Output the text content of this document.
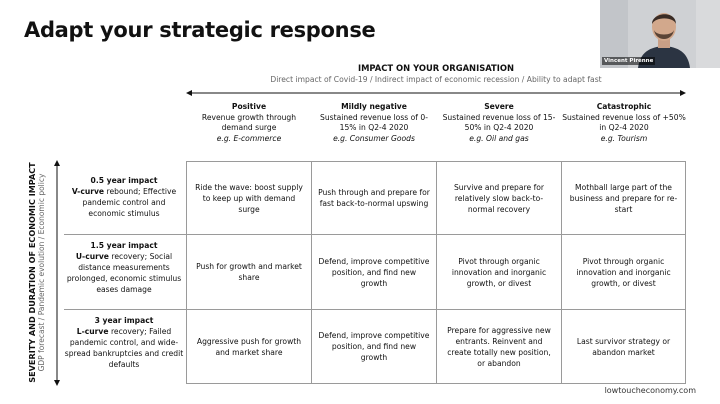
Adapt your strategic response
IMPACT ON YOUR ORGANISATION
Direct impact of Covid-19 / Indirect impact of economic recession / Ability to adapt fast
SEVERITY AND DURATION OF ECONOMIC IMPACT GDP forecast / Pandemic evolution / Economic policy
Positive
Revenue growth through demand surge
e.g. E-commerce
Mildly negative
Sustained revenue loss of 0-15% in Q2-4 2020
e.g. Consumer Goods
Severe
Sustained revenue loss of 15-50% in Q2-4 2020
e.g. Oil and gas
Catastrophic
Sustained revenue loss of +50% in Q2-4 2020
e.g. Tourism
0.5 year impact
V-curve rebound; Effective pandemic control and economic stimulus
1.5 year impact
U-curve recovery; Social distance measurements prolonged, economic stimulus eases damage
3 year impact
L-curve recovery; Failed pandemic control, and wide-spread bankruptcies and credit defaults
Ride the wave: boost supply to keep up with demand surge
Push through and prepare for fast back-to-normal upswing
Survive and prepare for relatively slow back-to-normal recovery
Mothball large part of the business and prepare for re-start
Push for growth and market share
Defend, improve competitive position, and find new growth
Pivot through organic innovation and inorganic growth, or divest
Pivot through organic innovation and inorganic growth, or divest
Aggressive push for growth and market share
Defend, improve competitive position, and find new growth
Prepare for aggressive new entrants. Reinvent and create totally new position, or abandon
Last survivor strategy or abandon market
lowtoucheconomy.com
Vincent Pirenne
